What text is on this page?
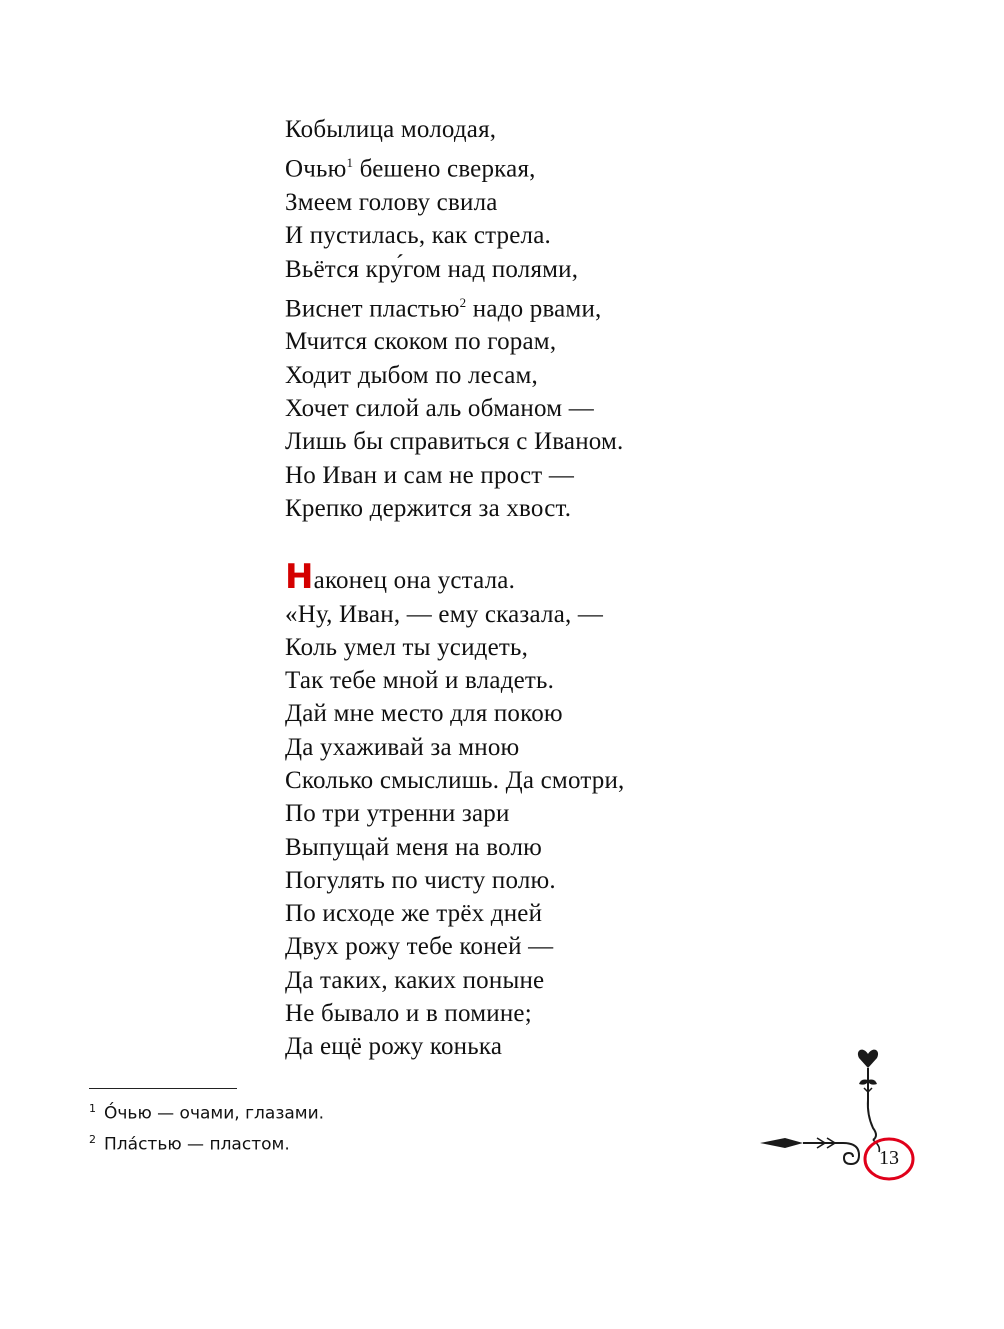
Кобылица молодая,
Очью$^1$ бешено сверкая,
Змеем голову свила
И пустилась, как стрела.
Вьётся кру́гом над полями,
Виснет пластью$^2$ надо рвами,
Мчится скоком по горам,
Ходит дыбом по лесам,
Хочет силой аль обманом —
Лишь бы справиться с Иваном.
Но Иван и сам не прост —
Крепко держится за хвост.
Наконец она устала.
«Ну, Иван, — ему сказала, —
Коль умел ты усидеть,
Так тебе мной и владеть.
Дай мне место для покою
Да ухаживай за мною
Сколько смыслишь. Да смотри,
По три утренни зари
Выпущай меня на волю
Погулять по чисту полю.
По исходе же трёх дней
Двух рожу тебе коней —
Да таких, каких поныне
Не бывало и в помине;
Да ещё рожу конька
$^1$ О́чью — очами, глазами.
$^2$ Пла́стью — пластом.
13
